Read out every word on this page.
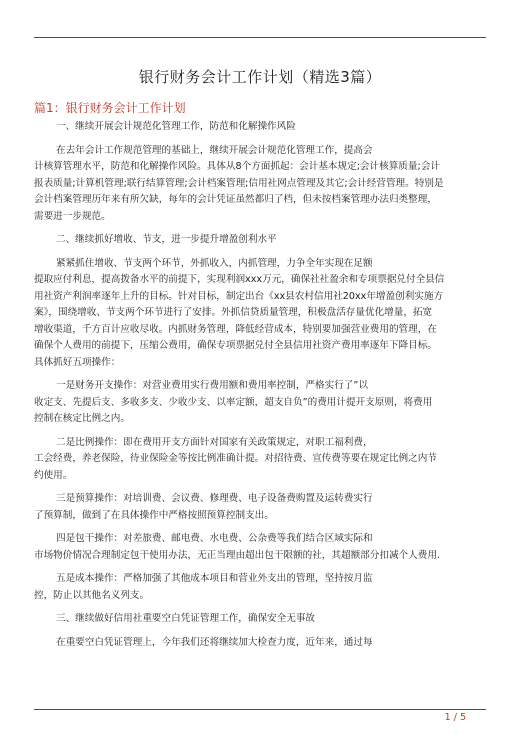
银行财务会计工作计划（精选3篇）
篇1：银行财务会计工作计划
一、继续开展会计规范化管理工作，防范和化解操作风险
在去年会计工作规范管理的基础上，继续开展会计规范化管理工作，提高会
计核算管理水平，防范和化解操作风险。具体从8个方面抓起：会计基本规定;会计核算质量;会计
报表质量;计算机管理;联行结算管理;会计档案管理;信用社网点管理及其它;会计经营管理。特别是
会计档案管理历年来有所欠缺，每年的会计凭证虽然都归了档，但未按档案管理办法归类整理，
需要进一步规范。
二、继续抓好增收、节支，进一步提升增盈创利水平
紧紧抓住增收、节支两个环节，外抓收入，内抓管理，力争全年实现在足额
提取应付利息，提高拨备水平的前提下，实现利润xxx万元，确保社社盈余和专项票据兑付全县信
用社资产利润率逐年上升的目标。针对目标，制定出台《xx县农村信用社20xx年增盈创利实施方
案》，围绕增收、节支两个环节进行了安排。外抓信贷质量管理，积极盘活存量优化增量，拓宽
增收渠道，千方百计应收尽收。内抓财务管理，降低经营成本，特别要加强营业费用的管理，在
确保个人费用的前提下，压缩公费用，确保专项票据兑付全县信用社资产费用率逐年下降目标。
具体抓好五项操作：
一是财务开支操作：对营业费用实行费用额和费用率控制，严格实行了”以
收定支、先提后支、多收多支、少收少支、以率定额，超支自负”的费用计提开支原则，将费用
控制在核定比例之内。
二是比例操作：即在费用开支方面针对国家有关政策规定，对职工福利费，
工会经费，养老保险，待业保险金等按比例准确计提。对招待费、宣传费等要在规定比例之内节
约使用。
三是预算操作：对培训费、会议费、修理费、电子设备费购置及运转费实行
了预算制，做到了在具体操作中严格按照预算控制支出。
四是包干操作：对差旅费、邮电费、水电费、公杂费等我们结合区域实际和
市场物价情况合理制定包干使用办法，无正当理由超出包干限额的社，其超额部分扣减个人费用.
五是成本操作：严格加强了其他成本项目和营业外支出的管理，坚持按月监
控，防止以其他名义列支。
三、继续做好信用社重要空白凭证管理工作，确保安全无事故
在重要空白凭证管理上，今年我们还将继续加大检查力度，近年来，通过每
1 / 5
